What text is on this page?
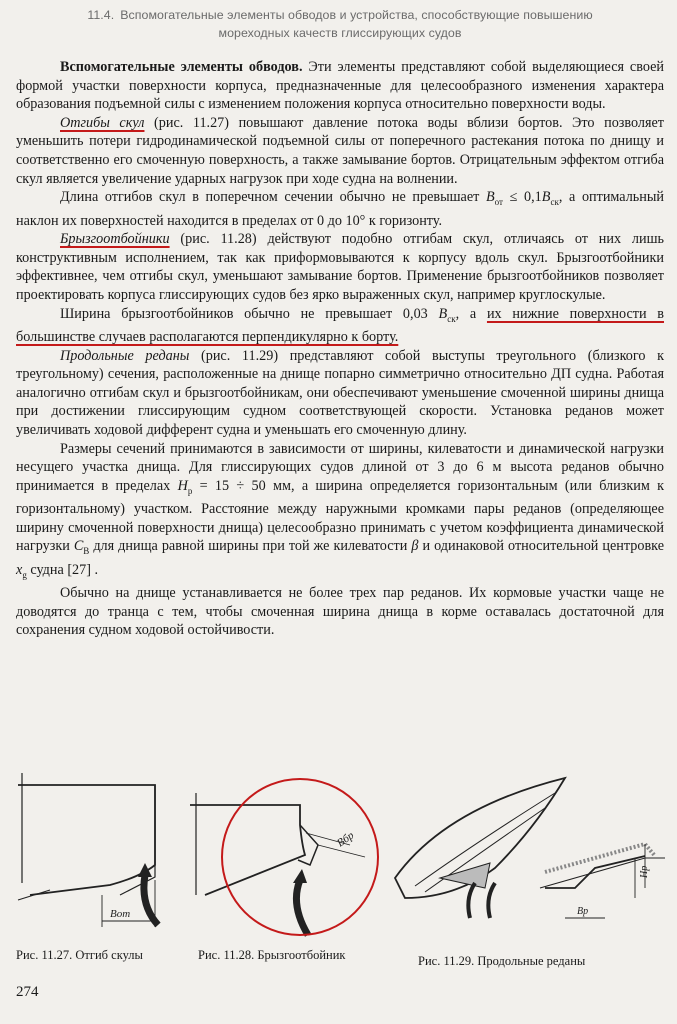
11.4. Вспомогательные элементы обводов и устройства, способствующие повышению
мореходных качеств глиссирующих судов

Вспомогательные элементы обводов. Эти элементы представляют собой выделяющиеся своей формой участки поверхности корпуса, предназначенные для целесообразного изменения характера образования подъемной силы с изменением положения корпуса относительно поверхности воды.

Отгибы скул (рис. 11.27) повышают давление потока воды вблизи бортов. Это позволяет уменьшить потери гидродинамической подъемной силы от поперечного растекания потока по днищу и соответственно его смоченную поверхность, а также замывание бортов. Отрицательным эффектом отгиба скул является увеличение ударных нагрузок при ходе судна на волнении.

Длина отгибов скул в поперечном сечении обычно не превышает $B_{от} \le 0,1B_{ск}$, а оптимальный наклон их поверхностей находится в пределах от 0 до 10° к горизонту.

Брызгоотбойники (рис. 11.28) действуют подобно отгибам скул, отличаясь от них лишь конструктивным исполнением, так как приформовываются к корпусу вдоль скул. Брызгоотбойники эффективнее, чем отгибы скул, уменьшают замывание бортов. Применение брызгоотбойников позволяет проектировать корпуса глиссирующих судов без ярко выраженных скул, например круглоскулые.

Ширина брызгоотбойников обычно не превышает 0,03 $B_{ск}$, а их нижние поверхности в большинстве случаев располагаются перпендикулярно к борту.

Продольные реданы (рис. 11.29) представляют собой выступы треугольного (близкого к треугольному) сечения, расположенные на днище попарно симметрично относительно ДП судна. Работая аналогично отгибам скул и брызгоотбойникам, они обеспечивают уменьшение смоченной ширины днища при достижении глиссирующим судном соответствующей скорости. Установка реданов может увеличивать ходовой дифферент судна и уменьшать его смоченную длину.

Размеры сечений принимаются в зависимости от ширины, килеватости и динамической нагрузки несущего участка днища. Для глиссирующих судов длиной от 3 до 6 м высота реданов обычно принимается в пределах $H_р = 15 \div 50$ мм, а ширина определяется горизонтальным (или близким к горизонтальному) участком. Расстояние между наружными кромками пары реданов (определяющее ширину смоченной поверхности днища) целесообразно принимать с учетом коэффициента динамической нагрузки $C_B$ для днища равной ширины при той же килеватости β и одинаковой относительной центровке $x_g$ судна [27] .

Обычно на днище устанавливается не более трех пар реданов. Их кормовые участки чаще не доводятся до транца с тем, чтобы смоченная ширина днища в корме оставалась достаточной для сохранения судном ходовой остойчивости.

Вот
Рис. 11.27. Отгиб скулы
Вбр
Рис. 11.28. Брызгоотбойник
Hр
Bр
Рис. 11.29. Продольные реданы
274
